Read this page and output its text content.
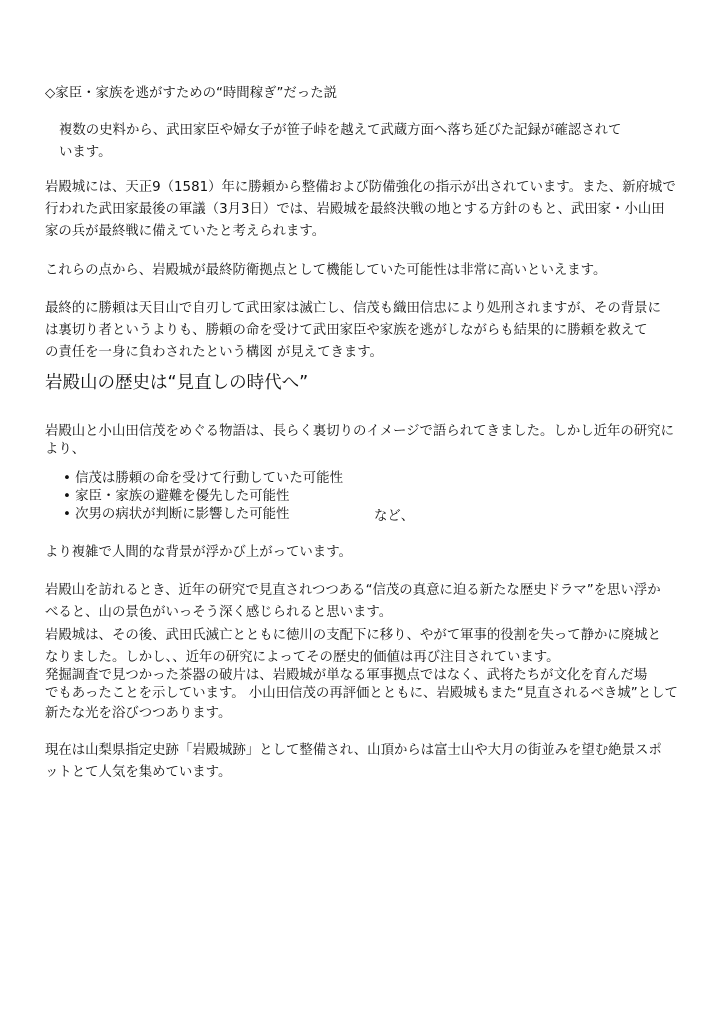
◇家臣・家族を逃がすための“時間稼ぎ”だった説

複数の史料から、武田家臣や婦女子が笹子峠を越えて武蔵方面へ落ち延びた記録が確認されて

います。

岩殿城には、天正9（1581）年に勝頼から整備および防備強化の指示が出されています。また、新府城で

行われた武田家最後の軍議（3月3日）では、岩殿城を最終決戦の地とする方針のもと、武田家・小山田

家の兵が最終戦に備えていたと考えられます。

これらの点から、岩殿城が最終防衛拠点として機能していた可能性は非常に高いといえます。

最終的に勝頼は天目山で自刃して武田家は滅亡し、信茂も織田信忠により処刑されますが、その背景に

は裏切り者というよりも、勝頼の命を受けて武田家臣や家族を逃がしながらも結果的に勝頼を救えて

の責任を一身に負わされたという構図 が見えてきます。

岩殿山の歴史は“見直しの時代へ”

岩殿山と小山田信茂をめぐる物語は、長らく裏切りのイメージで語られてきました。しかし近年の研究に

より、

• 信茂は勝頼の命を受けて行動していた可能性

• 家臣・家族の避難を優先した可能性

• 次男の病状が判断に影響した可能性	など、

より複雑で人間的な背景が浮かび上がっています。

岩殿山を訪れるとき、近年の研究で見直されつつある“信茂の真意に迫る新たな歴史ドラマ”を思い浮か

べると、山の景色がいっそう深く感じられると思います。

岩殿城は、その後、武田氏滅亡とともに徳川の支配下に移り、やがて軍事的役割を失って静かに廃城と

なりました。しかし、、近年の研究によってその歴史的価値は再び注目されています。

発掘調査で見つかった茶器の破片は、岩殿城が単なる軍事拠点ではなく、武将たちが文化を育んだ場

でもあったことを示しています。 小山田信茂の再評価とともに、岩殿城もまた“見直されるべき城”として

新たな光を浴びつつあります。

現在は山梨県指定史跡「岩殿城跡」として整備され、山頂からは富士山や大月の街並みを望む絶景スポ

ットとて人気を集めています。
